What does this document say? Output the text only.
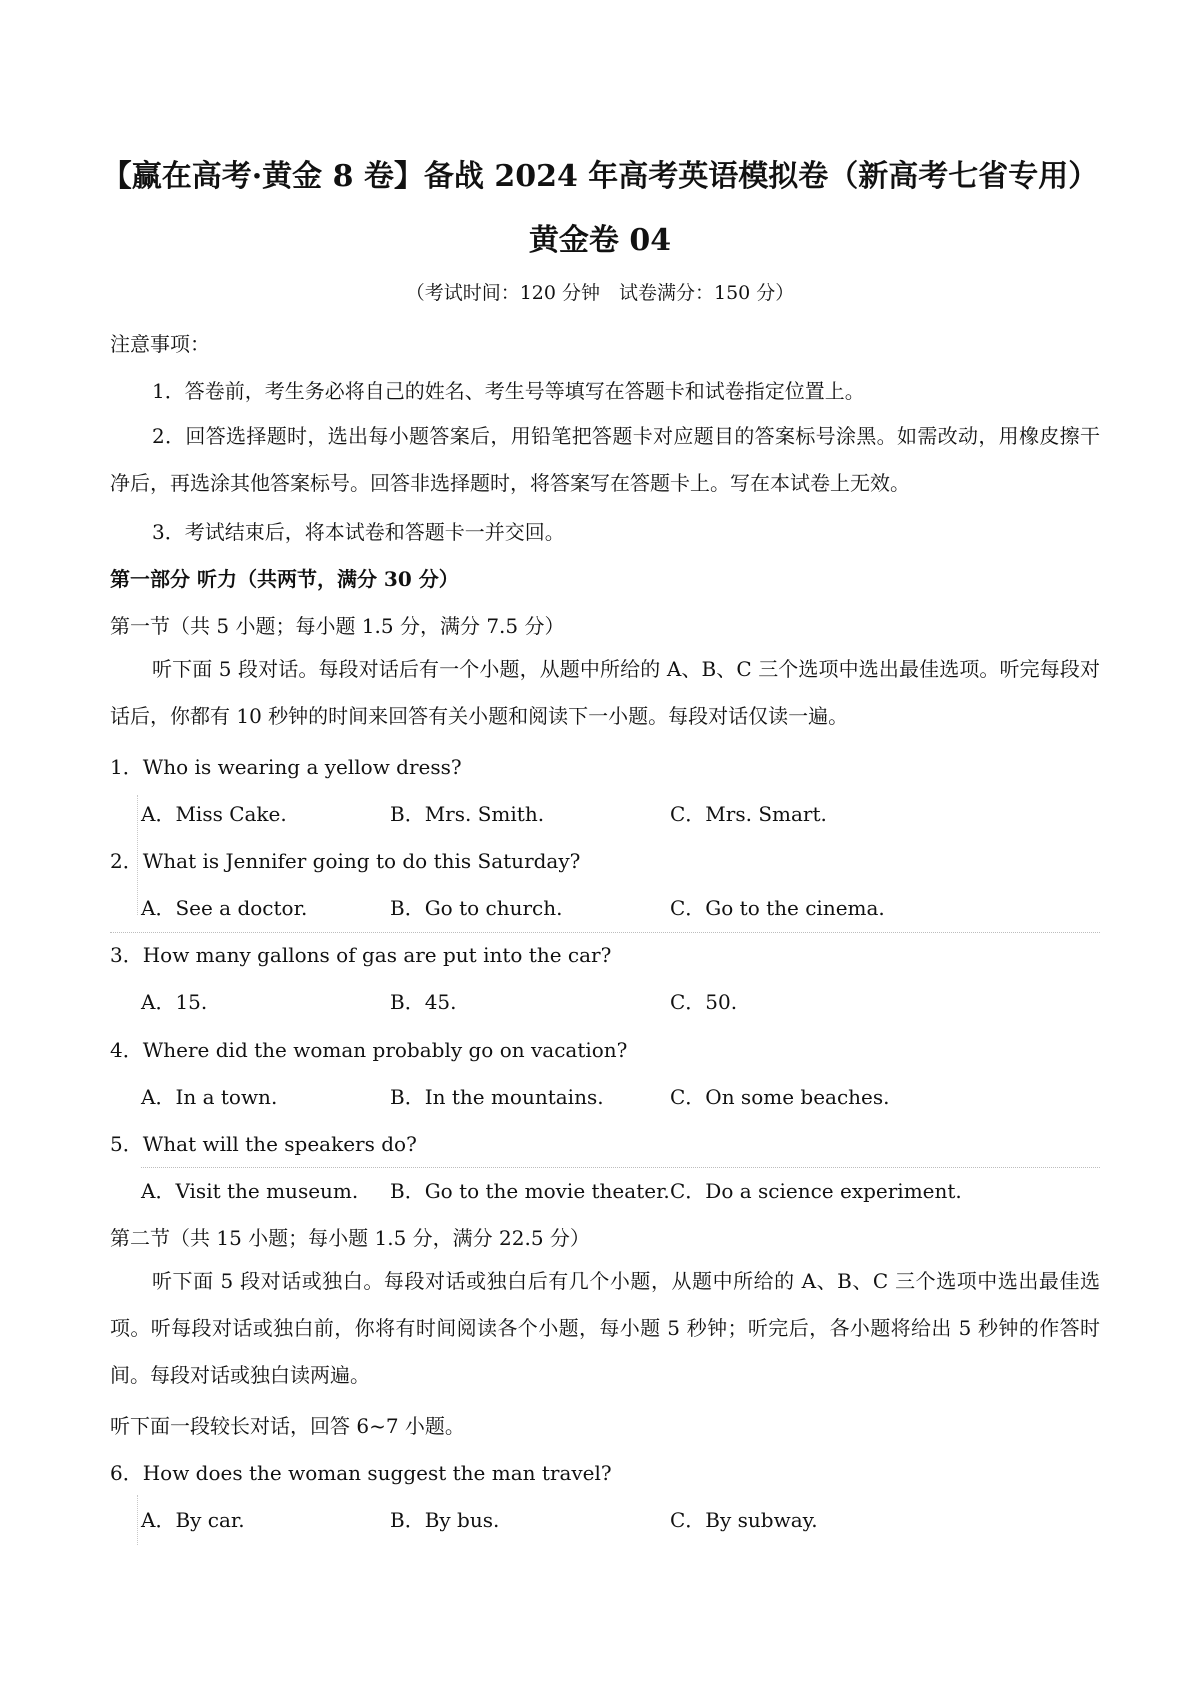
【赢在高考·黄金 8 卷】备战 2024 年高考英语模拟卷（新高考七省专用）
黄金卷 04
（考试时间：120 分钟　试卷满分：150 分）
注意事项：
1．答卷前，考生务必将自己的姓名、考生号等填写在答题卡和试卷指定位置上。
2．回答选择题时，选出每小题答案后，用铅笔把答题卡对应题目的答案标号涂黑。如需改动，用橡皮擦干净后，再选涂其他答案标号。回答非选择题时，将答案写在答题卡上。写在本试卷上无效。
3．考试结束后，将本试卷和答题卡一并交回。
第一部分 听力（共两节，满分 30 分）
第一节（共 5 小题；每小题 1.5 分，满分 7.5 分）
听下面 5 段对话。每段对话后有一个小题，从题中所给的 A、B、C 三个选项中选出最佳选项。听完每段对话后，你都有 10 秒钟的时间来回答有关小题和阅读下一小题。每段对话仅读一遍。
1．Who is wearing a yellow dress?
A．Miss Cake.	B．Mrs. Smith.	C．Mrs. Smart.
2．What is Jennifer going to do this Saturday?
A．See a doctor.	B．Go to church.	C．Go to the cinema.
3．How many gallons of gas are put into the car?
A．15.	B．45.	C．50.
4．Where did the woman probably go on vacation?
A．In a town.	B．In the mountains.	C．On some beaches.
5．What will the speakers do?
A．Visit the museum. B．Go to the movie theater. C．Do a science experiment.
第二节（共 15 小题；每小题 1.5 分，满分 22.5 分）
听下面 5 段对话或独白。每段对话或独白后有几个小题，从题中所给的 A、B、C 三个选项中选出最佳选项。听每段对话或独白前，你将有时间阅读各个小题，每小题 5 秒钟；听完后，各小题将给出 5 秒钟的作答时间。每段对话或独白读两遍。
听下面一段较长对话，回答 6~7 小题。
6．How does the woman suggest the man travel?
A．By car.	B．By bus.	C．By subway.
